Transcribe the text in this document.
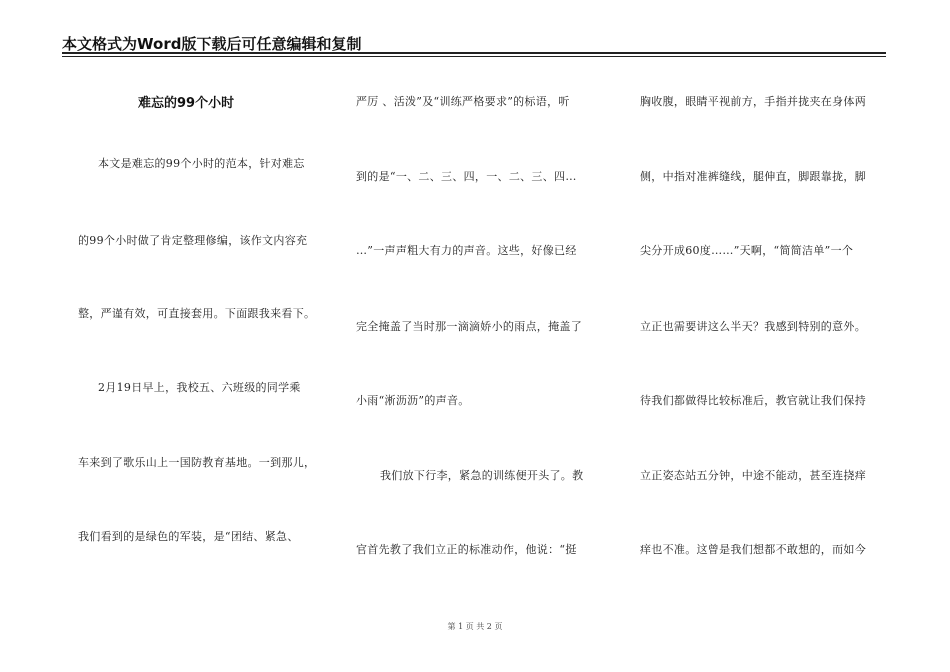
本文格式为Word版下载后可任意编辑和复制
难忘的99个小时
本文是难忘的99个小时的范本，针对难忘
的99个小时做了肯定整理修编，该作文内容充
整，严谨有效，可直接套用。下面跟我来看下。
2月19日早上，我校五、六班级的同学乘
车来到了歌乐山上一国防教育基地。一到那儿，
我们看到的是绿色的军装，是“团结、紧急、
严厉 、活泼”及“训练严格要求”的标语，听
到的是“一、二、三、四，一、二、三、四…
…”一声声粗大有力的声音。这些，好像已经
完全掩盖了当时那一滴滴娇小的雨点，掩盖了
小雨“淅沥沥”的声音。
我们放下行李，紧急的训练便开头了。教
官首先教了我们立正的标准动作，他说：“挺
胸收腹，眼睛平视前方，手指并拢夹在身体两
侧，中指对准裤缝线，腿伸直，脚跟靠拢，脚
尖分开成60度……”天啊，“简简洁单”一个
立正也需要讲这么半天？我感到特别的意外。
待我们都做得比较标准后，教官就让我们保持
立正姿态站五分钟，中途不能动，甚至连挠痒
痒也不准。这曾是我们想都不敢想的，而如今
第 1 页 共 2 页
